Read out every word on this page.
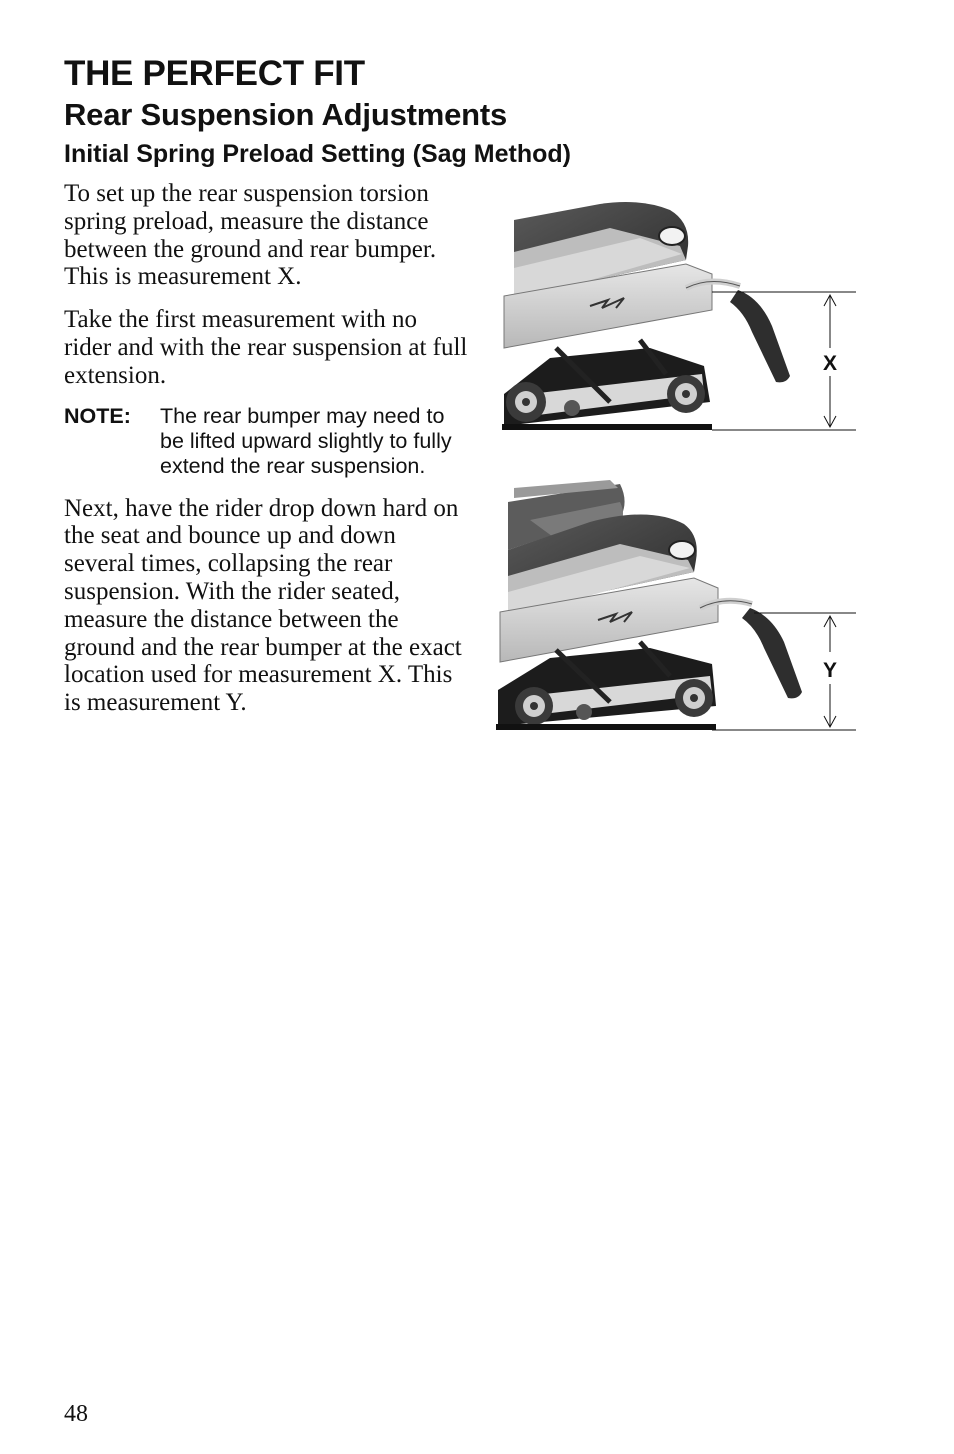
THE PERFECT FIT
Rear Suspension Adjustments
Initial Spring Preload Setting (Sag Method)

To set up the rear suspension torsion spring preload, measure the distance between the ground and rear bumper. This is measurement X.

Take the first measurement with no rider and with the rear suspension at full extension.

NOTE: The rear bumper may need to be lifted upward slightly to fully extend the rear suspension.

Next, have the rider drop down hard on the seat and bounce up and down several times, collapsing the rear suspension. With the rider seated, measure the distance between the ground and the rear bumper at the exact location used for measurement X. This is measurement Y.

X
Y
48
